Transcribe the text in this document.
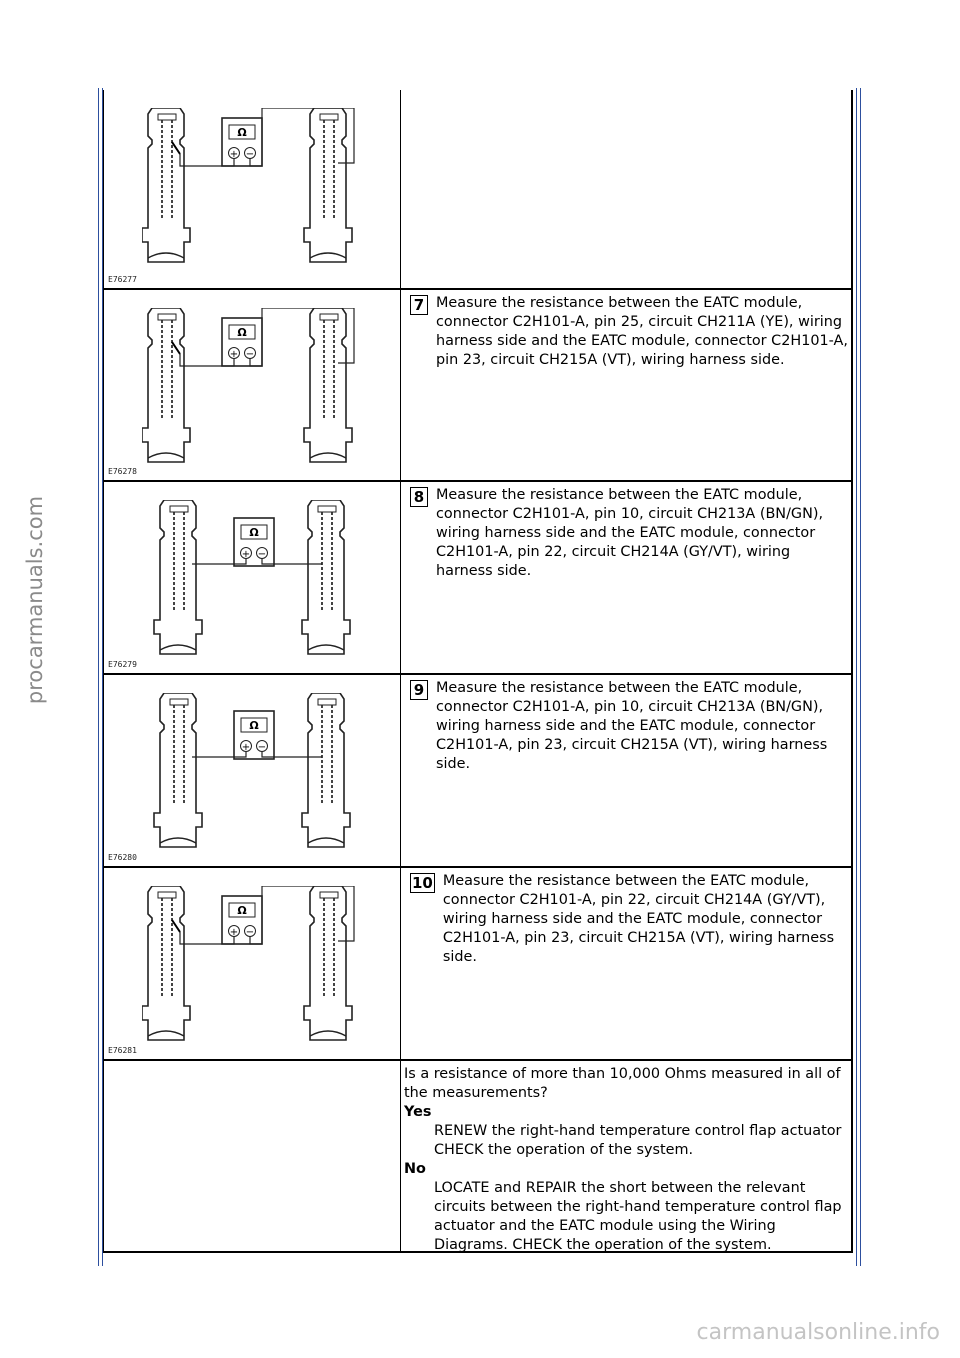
procarmanuals.com
carmanualsonline.info
E76277
E76278
7 Measure the resistance between the EATC module, connector C2H101-A, pin 25, circuit CH211A (YE), wiring harness side and the EATC module, connector C2H101-A, pin 23, circuit CH215A (VT), wiring harness side.
E76279
8 Measure the resistance between the EATC module, connector C2H101-A, pin 10, circuit CH213A (BN/GN), wiring harness side and the EATC module, connector C2H101-A, pin 22, circuit CH214A (GY/VT), wiring harness side.
E76280
9 Measure the resistance between the EATC module, connector C2H101-A, pin 10, circuit CH213A (BN/GN), wiring harness side and the EATC module, connector C2H101-A, pin 23, circuit CH215A (VT), wiring harness side.
E76281
10 Measure the resistance between the EATC module, connector C2H101-A, pin 22, circuit CH214A (GY/VT), wiring harness side and the EATC module, connector C2H101-A, pin 23, circuit CH215A (VT), wiring harness side.

Is a resistance of more than 10,000 Ohms measured in all of the measurements?

Yes

RENEW the right-hand temperature control flap actuator CHECK the operation of the system.

No

LOCATE and REPAIR the short between the relevant circuits between the right-hand temperature control flap actuator and the EATC module using the Wiring Diagrams. CHECK the operation of the system.
